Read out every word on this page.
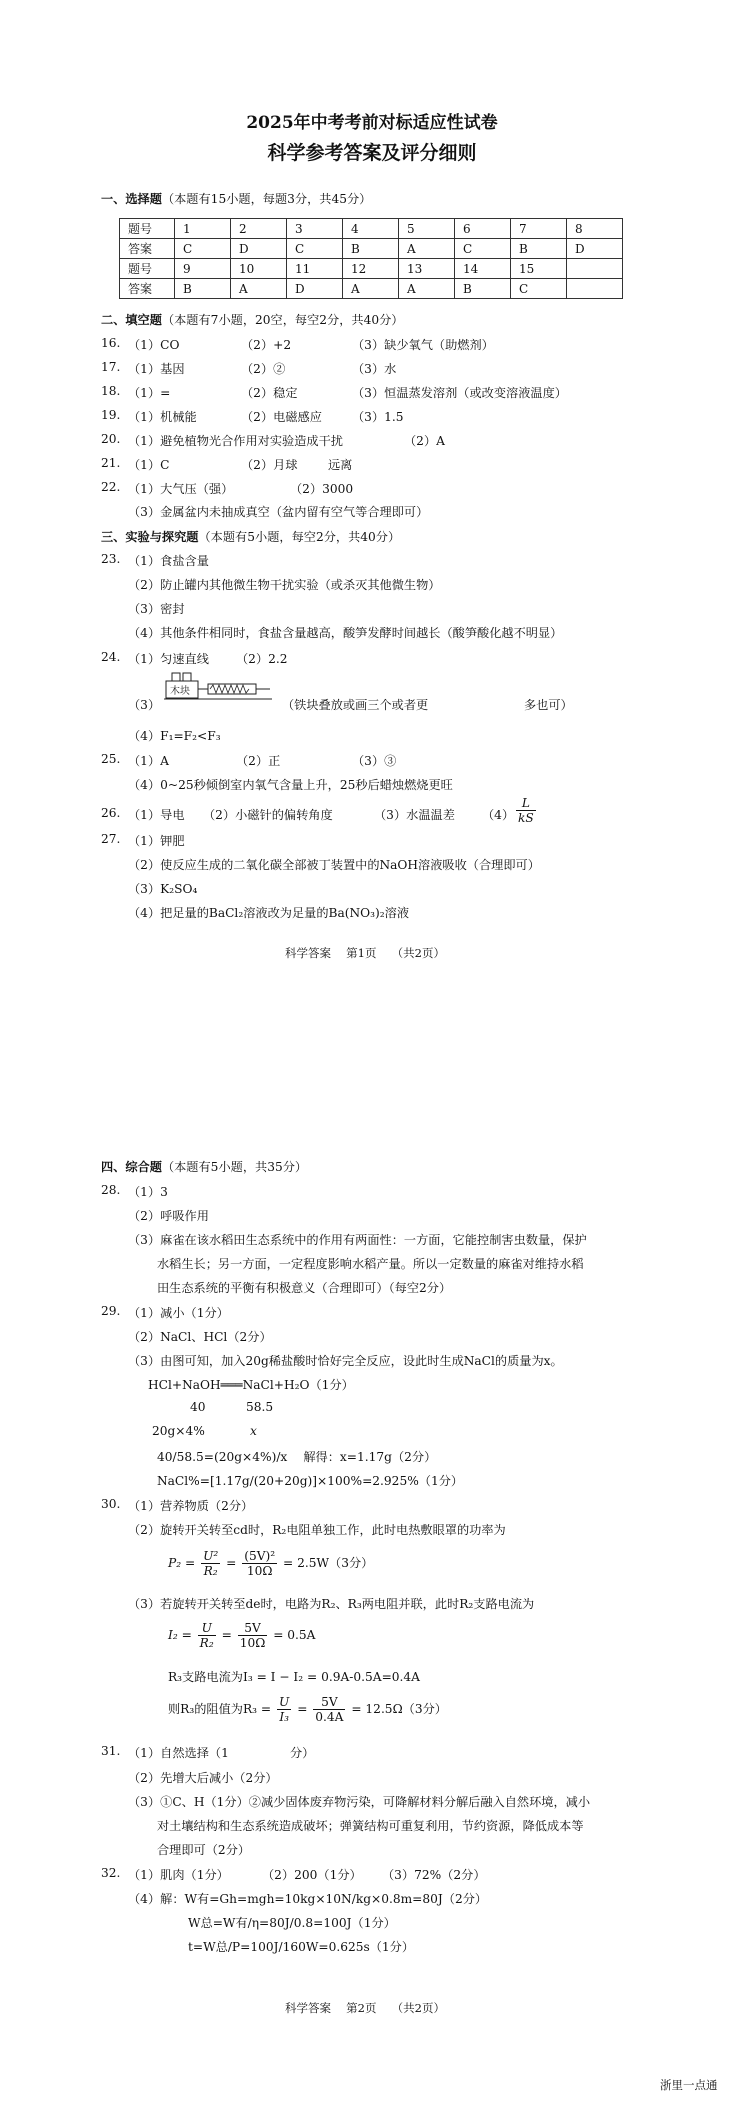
2025年中考考前对标适应性试卷
科学参考答案及评分细则
一、选择题（本题有15小题，每题3分，共45分）
题号	1	2	3	4	5	6	7	8
答案	C	D	C	B	A	C	B	D
题号	9	10	11	12	13	14	15	
答案	B	A	D	A	A	B	C	
二、填空题（本题有7小题，20空，每空2分，共40分）
16. （1）CO	（2）+2	（3）缺少氧气（助燃剂）
17. （1）基因	（2）②	（3）水
18. （1）=	（2）稳定	（3）恒温蒸发溶剂（或改变溶液温度）
19. （1）机械能	（2）电磁感应 （3）1.5
20. （1）避免植物光合作用对实验造成干扰	（2）A
21. （1）C	（2）月球 远离
22. （1）大气压（强）	（2）3000
（3）金属盆内未抽成真空（盆内留有空气等合理即可）
三、实验与探究题（本题有5小题，每空2分，共40分）
23. （1）食盐含量
（2）防止罐内其他微生物干扰实验（或杀灭其他微生物）
（3）密封
（4）其他条件相同时，食盐含量越高，酸笋发酵时间越长（酸笋酸化越不明显）
24. （1）匀速直线 （2）2.2
（3）
木块
（铁块叠放或画三个或者更	多也可）
（4）F₁=F₂<F₃
25. （1）A	（2）正	（3）③
（4）0~25秒倾倒室内氧气含量上升，25秒后蜡烛燃烧更旺
26. （1）导电 （2）小磁针的偏转角度	（3）水温温差 $(4) \frac{L}{kS}$
27. （1）钾肥
（2）使反应生成的二氧化碳全部被丁装置中的NaOH溶液吸收（合理即可）
（3）K₂SO₄
（4）把足量的BaCl₂溶液改为足量的Ba(NO₃)₂溶液
科学答案　 第1页　 （共2页）
四、综合题（本题有5小题，共35分）
28. （1）3
（2）呼吸作用
（3）麻雀在该水稻田生态系统中的作用有两面性：一方面，它能控制害虫数量，保护
水稻生长；另一方面，一定程度影响水稻产量。所以一定数量的麻雀对维持水稻
田生态系统的平衡有积极意义（合理即可）（每空2分）
29. （1）减小（1分）
（2）NaCl、HCl（2分）
（3）由图可知，加入20g稀盐酸时恰好完全反应，设此时生成NaCl的质量为x。
HCl+NaOH═══NaCl+H₂O（1分）
40	58.5
20g×4%	x
40/58.5=(20g×4%)/x　 解得：x=1.17g（2分）
NaCl%=[1.17g/(20+20g)]×100%=2.925%（1分）
30. （1）营养物质（2分）
（2）旋转开关转至cd时，R₂电阻单独工作，此时电热敷眼罩的功率为
$P_2 = \frac{\text{U²}}{\text{R₂}} = \frac{\text{(5V)²}}{10\Omega} = 2.5W(3$分）
（3）若旋转开关转至de时，电路为R₂、R₃两电阻并联，此时R₂支路电流为
$I_2 = \frac{U}{\text{R₂}} = \frac{5V}{10\Omega} = 0.5A$
R₃支路电流为I₃ = I − I₂ = 0.9A-0.5A=0.4A
则R₃的阻值为$R_3 = \frac{U}{\text{I₃}} = \frac{5V}{0.4A} = 12.5\Omega(3$分）
31. （1）自然选择（1	分）
（2）先增大后减小（2分）
（3）①C、H（1分）②减少固体废弃物污染，可降解材料分解后融入自然环境，减小
对土壤结构和生态系统造成破坏；弹簧结构可重复利用，节约资源，降低成本等
合理即可（2分）
32. （1）肌肉（1分）	（2）200（1分） （3）72%（2分）
（4）解：W有=Gh=mgh=10kg×10N/kg×0.8m=80J（2分）
W总=W有/η=80J/0.8=100J（1分）
t=W总/P=100J/160W=0.625s（1分）
科学答案　 第2页　 （共2页）
浙里一点通
